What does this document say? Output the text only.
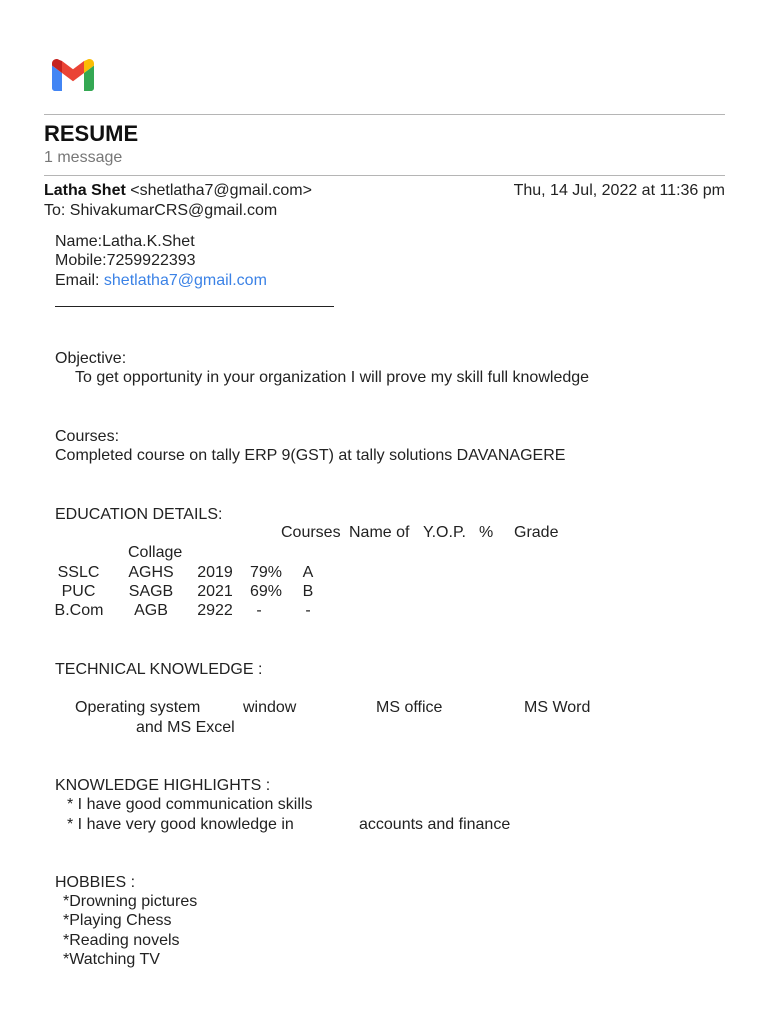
RESUME
1 message
Latha Shet <shetlatha7@gmail.com>	Thu, 14 Jul, 2022 at 11:36 pm
To: ShivakumarCRS@gmail.com
Name:Latha.K.Shet
Mobile:7259922393
Email: shetlatha7@gmail.com
Objective:
To get opportunity in your organization I will prove my skill full knowledge
Courses:
Completed course on tally ERP 9(GST) at tally solutions DAVANAGERE
EDUCATION DETAILS:
Courses Name of Y.O.P. % Grade
Collage
SSLC AGHS 2019 79% A
PUC	SAGB 2021 69% B
B.Com	AGB	2922	-	-
TECHNICAL KNOWLEDGE :
Operating system	window	MS office	MS Word
and MS Excel
KNOWLEDGE HIGHLIGHTS :
* I have good communication skills
* I have very good knowledge in	accounts and finance
HOBBIES :
*Drowning pictures
*Playing Chess
*Reading novels
*Watching TV
